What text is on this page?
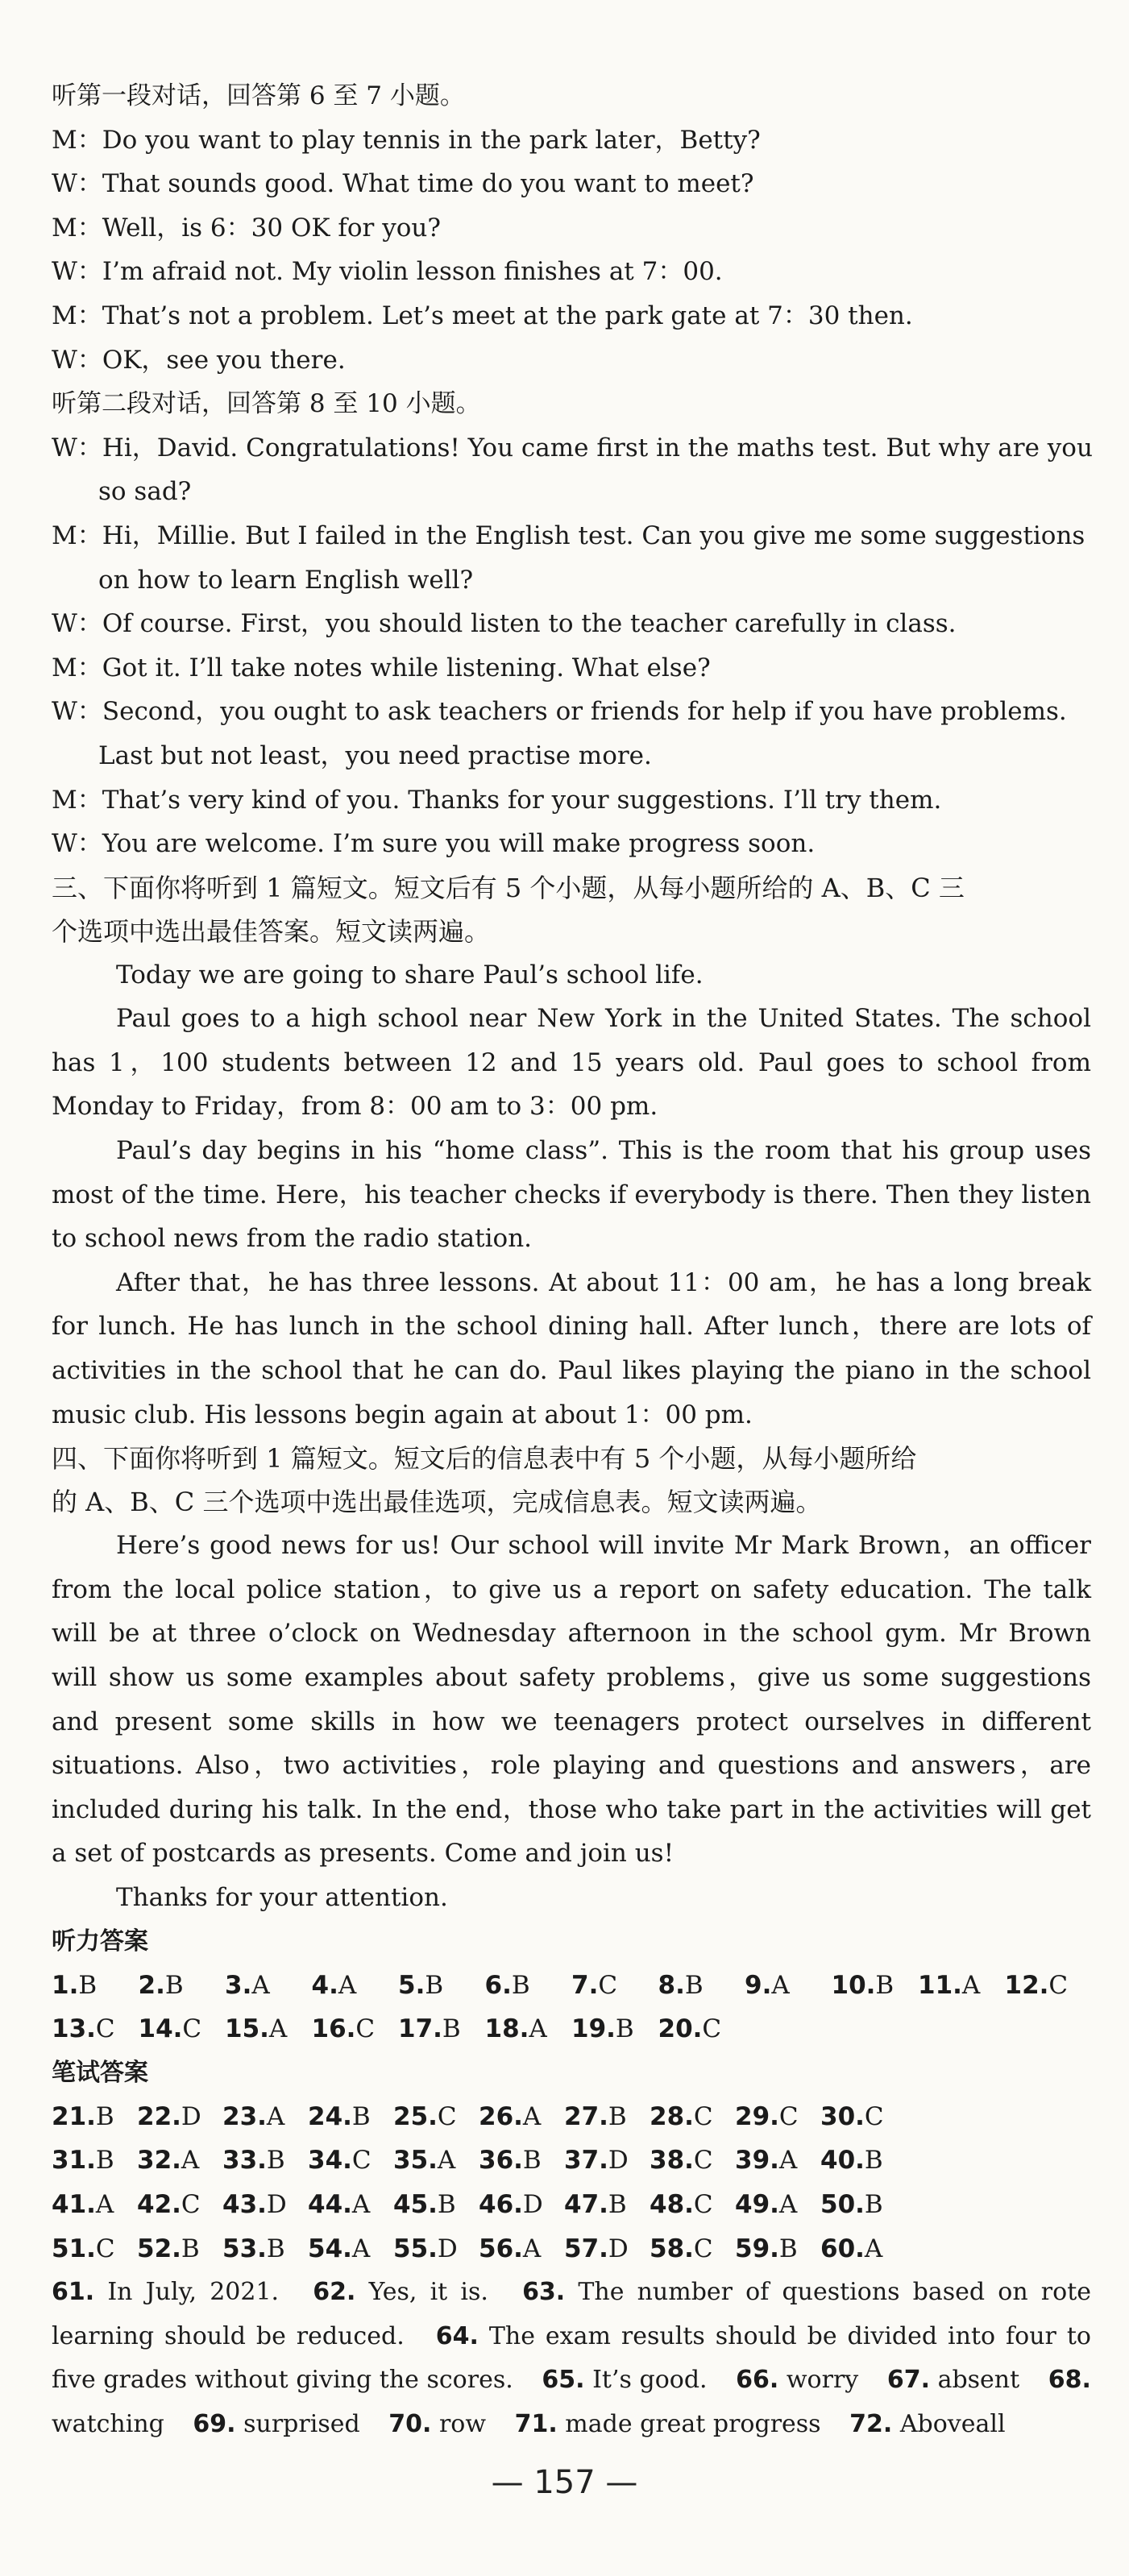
听第一段对话，回答第 6 至 7 小题。

M：Do you want to play tennis in the park later，Betty?

W：That sounds good. What time do you want to meet?

M：Well，is 6：30 OK for you?

W：I’m afraid not. My violin lesson finishes at 7：00.

M：That’s not a problem. Let’s meet at the park gate at 7：30 then.

W：OK，see you there.

听第二段对话，回答第 8 至 10 小题。

W：Hi，David. Congratulations! You came first in the maths test. But why are you

so sad?

M：Hi，Millie. But I failed in the English test. Can you give me some suggestions

on how to learn English well?

W：Of course. First，you should listen to the teacher carefully in class.

M：Got it. I’ll take notes while listening. What else?

W：Second，you ought to ask teachers or friends for help if you have problems.

Last but not least，you need practise more.

M：That’s very kind of you. Thanks for your suggestions. I’ll try them.

W：You are welcome. I’m sure you will make progress soon.

三、下面你将听到 1 篇短文。短文后有 5 个小题，从每小题所给的 A、B、C 三

个选项中选出最佳答案。短文读两遍。

Today we are going to share Paul’s school life.

Paul goes to a high school near New York in the United States. The school has 1，100 students between 12 and 15 years old. Paul goes to school from Monday to Friday，from 8：00 am to 3：00 pm.

Paul’s day begins in his “home class”. This is the room that his group uses most of the time. Here，his teacher checks if everybody is there. Then they listen to school news from the radio station.

After that，he has three lessons. At about 11：00 am，he has a long break for lunch. He has lunch in the school dining hall. After lunch，there are lots of activities in the school that he can do. Paul likes playing the piano in the school music club. His lessons begin again at about 1：00 pm.

四、下面你将听到 1 篇短文。短文后的信息表中有 5 个小题，从每小题所给

的 A、B、C 三个选项中选出最佳选项，完成信息表。短文读两遍。

Here’s good news for us! Our school will invite Mr Mark Brown，an officer from the local police station，to give us a report on safety education. The talk will be at three o’clock on Wednesday afternoon in the school gym. Mr Brown will show us some examples about safety problems，give us some suggestions and present some skills in how we teenagers protect ourselves in different situations. Also，two activities，role playing and questions and answers，are included during his talk. In the end，those who take part in the activities will get a set of postcards as presents. Come and join us!

Thanks for your attention.

听力答案

1.B 2.B 3.A 4.A 5.B 6.B 7.C 8.B 9.A 10.B 11.A 12.C

13.C 14.C 15.A 16.C 17.B 18.A 19.B 20.C

笔试答案

21.B 22.D 23.A 24.B 25.C 26.A 27.B 28.C 29.C 30.C

31.B 32.A 33.B 34.C 35.A 36.B 37.D 38.C 39.A 40.B

41.A 42.C 43.D 44.A 45.B 46.D 47.B 48.C 49.A 50.B

51.C 52.B 53.B 54.A 55.D 56.A 57.D 58.C 59.B 60.A

61. In July, 2021. 62. Yes, it is. 63. The number of questions based on rote learning should be reduced. 64. The exam results should be divided into four to five grades without giving the scores. 65. It’s good. 66. worry 67. absent 68. watching 69. surprised 70. row 71. made great progress 72. Aboveall

— 157 —
